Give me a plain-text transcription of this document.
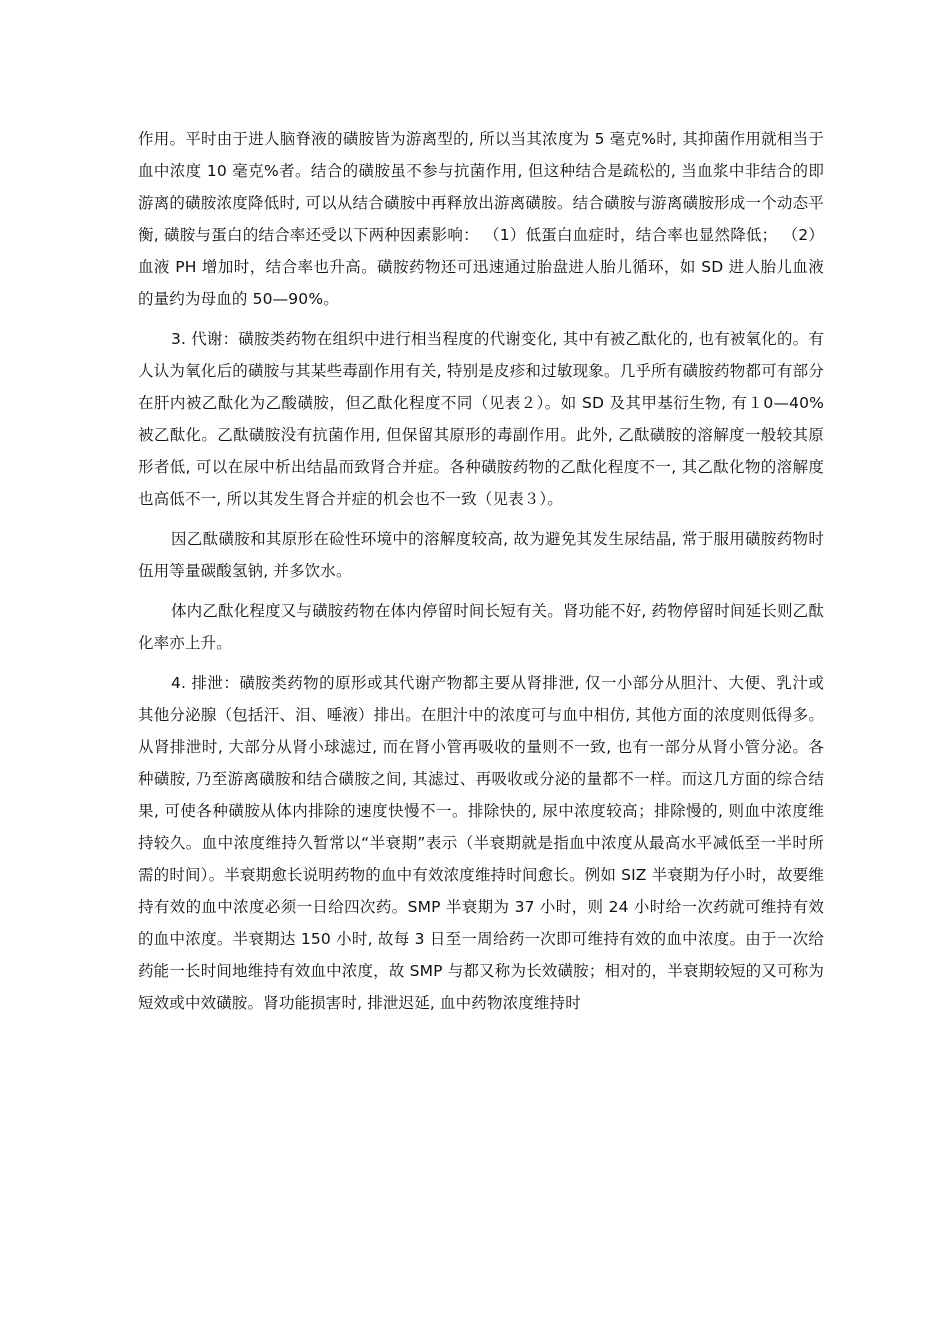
作用。平时由于进人脑脊液的磺胺皆为游离型的, 所以当其浓度为 5 毫克%时, 其抑菌作用就相当于血中浓度 10 毫克%者。结合的磺胺虽不参与抗菌作用, 但这种结合是疏松的, 当血浆中非结合的即游离的磺胺浓度降低时, 可以从结合磺胺中再释放出游离磺胺。结合磺胺与游离磺胺形成一个动态平衡, 磺胺与蛋白的结合率还受以下两种因素影响： （1）低蛋白血症时，结合率也显然降低； （2）血液 PH 增加时，结合率也升高。磺胺药物还可迅速通过胎盘进人胎儿循环，如 SD 进人胎儿血液的量约为母血的 50—90%。

3. 代谢：磺胺类药物在组织中进行相当程度的代谢变化, 其中有被乙酞化的, 也有被氧化的。有人认为氧化后的磺胺与其某些毒副作用有关, 特别是皮疹和过敏现象。几乎所有磺胺药物都可有部分在肝内被乙酞化为乙酸磺胺，但乙酞化程度不同（见表２）。如 SD 及其甲基衍生物, 有１0—40%被乙酞化。乙酞磺胺没有抗菌作用, 但保留其原形的毒副作用。此外, 乙酞磺胺的溶解度一般较其原形者低, 可以在尿中析出结晶而致肾合并症。各种磺胺药物的乙酞化程度不一, 其乙酞化物的溶解度也高低不一, 所以其发生肾合并症的机会也不一致（见表３）。

因乙酞磺胺和其原形在硷性环境中的溶解度较高, 故为避免其发生尿结晶, 常于服用磺胺药物时伍用等量碳酸氢钠, 并多饮水。

体内乙酞化程度又与磺胺药物在体内停留时间长短有关。肾功能不好, 药物停留时间延长则乙酞化率亦上升。

4. 排泄：磺胺类药物的原形或其代谢产物都主要从肾排泄, 仅一小部分从胆汁、大便、乳汁或其他分泌腺（包括汗、泪、唾液）排出。在胆汁中的浓度可与血中相仿, 其他方面的浓度则低得多。从肾排泄时, 大部分从肾小球滤过, 而在肾小管再吸收的量则不一致, 也有一部分从肾小管分泌。各种磺胺, 乃至游离磺胺和结合磺胺之间, 其滤过、再吸收或分泌的量都不一样。而这几方面的综合结果, 可使各种磺胺从体内排除的速度快慢不一。排除快的, 尿中浓度较高；排除慢的, 则血中浓度维持较久。血中浓度维持久暂常以“半衰期”表示（半衰期就是指血中浓度从最高水平减低至一半时所需的时间）。半衰期愈长说明药物的血中有效浓度维持时间愈长。例如 SIZ 半衰期为仔小时，故要维持有效的血中浓度必须一日给四次药。SMP 半衰期为 37 小时，则 24 小时给一次药就可维持有效的血中浓度。半衰期达 150 小时, 故每 3 日至一周给药一次即可维持有效的血中浓度。由于一次给药能一长时间地维持有效血中浓度，故 SMP 与都又称为长效磺胺；相对的，半衰期较短的又可称为短效或中效磺胺。肾功能损害时, 排泄迟延, 血中药物浓度维持时
